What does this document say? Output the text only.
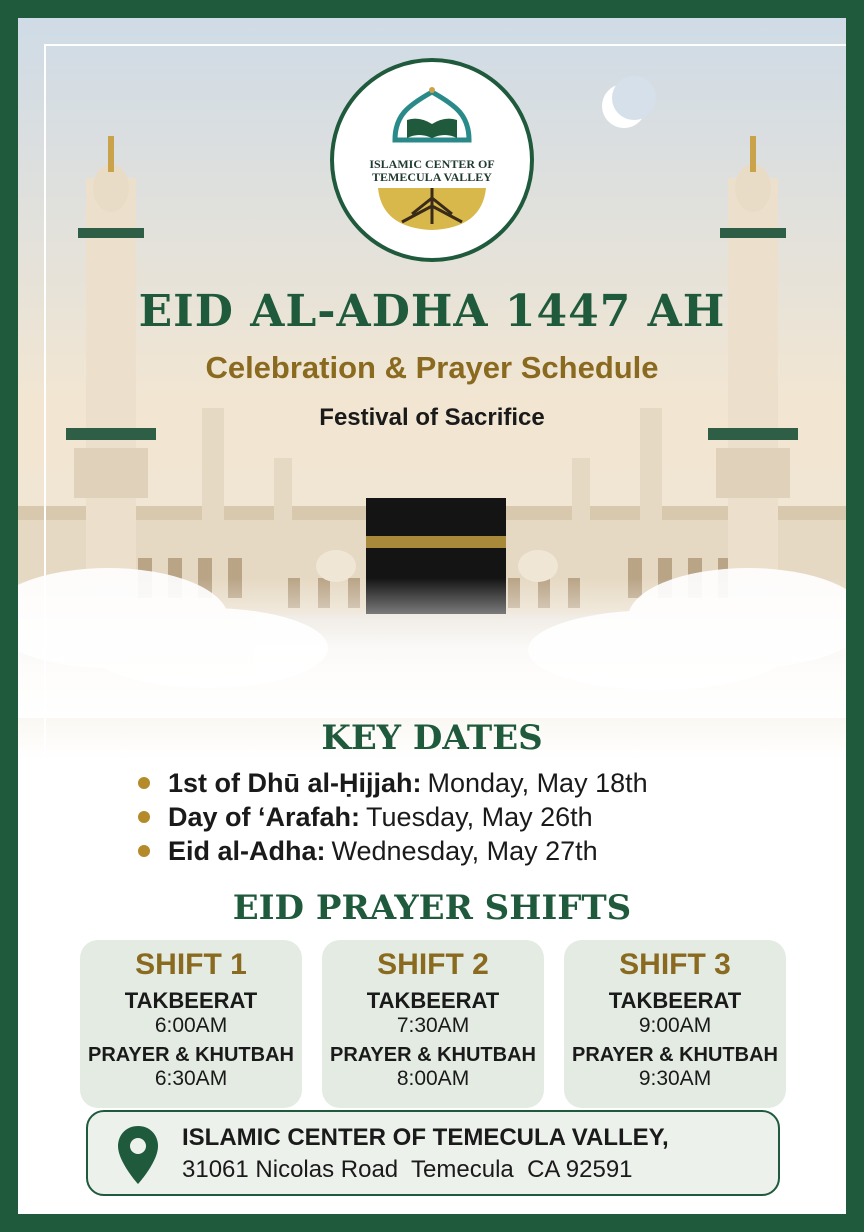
ISLAMIC CENTER OF
TEMECULA VALLEY
EID AL-ADHA 1447 AH
Celebration & Prayer Schedule
Festival of Sacrifice
KEY DATES
1st of Dhū al-Ḥijjah: Monday, May 18th
Day of ‘Arafah: Tuesday, May 26th
Eid al-Adha: Wednesday, May 27th
EID PRAYER SHIFTS
SHIFT 1
TAKBEERAT
6:00AM
PRAYER & KHUTBAH
6:30AM
SHIFT 2
TAKBEERAT
7:30AM
PRAYER & KHUTBAH
8:00AM
SHIFT 3
TAKBEERAT
9:00AM
PRAYER & KHUTBAH
9:30AM
ISLAMIC CENTER OF TEMECULA VALLEY,
31061 Nicolas Road  Temecula  CA 92591
